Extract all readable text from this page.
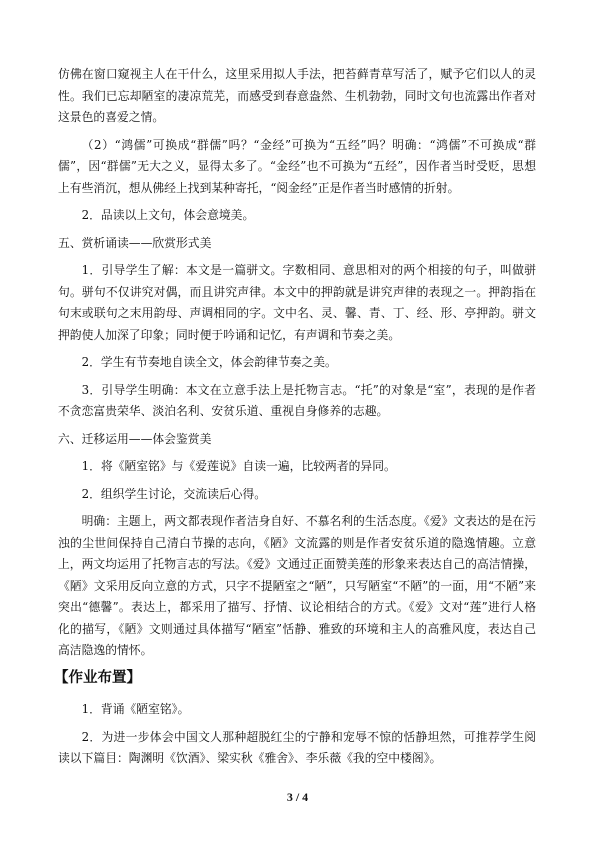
仿佛在窗口窥视主人在干什么，这里采用拟人手法，把苔藓青草写活了，赋予它们以人的灵性。我们已忘却陋室的凄凉荒芜，而感受到春意盎然、生机勃勃，同时文句也流露出作者对这景色的喜爱之情。

（2）“鸿儒”可换成“群儒”吗？“金经”可换为“五经”吗？明确：“鸿儒”不可换成“群儒”，因“群儒”无大之义，显得太多了。“金经”也不可换为“五经”，因作者当时受贬，思想上有些消沉，想从佛经上找到某种寄托，“阅金经”正是作者当时感情的折射。

2．品读以上文句，体会意境美。

五、赏析诵读——欣赏形式美

1．引导学生了解：本文是一篇骈文。字数相同、意思相对的两个相接的句子，叫做骈句。骈句不仅讲究对偶，而且讲究声律。本文中的押韵就是讲究声律的表现之一。押韵指在句末或联句之末用韵母、声调相同的字。文中名、灵、馨、青、丁、经、形、亭押韵。骈文押韵使人加深了印象；同时便于吟诵和记忆，有声调和节奏之美。

2．学生有节奏地自读全文，体会韵律节奏之美。

3．引导学生明确：本文在立意手法上是托物言志。“托”的对象是“室”，表现的是作者不贪恋富贵荣华、淡泊名利、安贫乐道、重视自身修养的志趣。

六、迁移运用——体会鉴赏美

1．将《陋室铭》与《爱莲说》自读一遍，比较两者的异同。

2．组织学生讨论，交流读后心得。

明确：主题上，两文都表现作者洁身自好、不慕名利的生活态度。《爱》文表达的是在污浊的尘世间保持自己清白节操的志向，《陋》文流露的则是作者安贫乐道的隐逸情趣。立意上，两文均运用了托物言志的写法。《爱》文通过正面赞美莲的形象来表达自己的高洁情操，《陋》文采用反向立意的方式，只字不提陋室之“陋”，只写陋室“不陋”的一面，用“不陋”来突出“德馨”。表达上，都采用了描写、抒情、议论相结合的方式。《爱》文对“莲”进行人格化的描写，《陋》文则通过具体描写“陋室”恬静、雅致的环境和主人的高雅风度，表达自己高洁隐逸的情怀。

【作业布置】

1．背诵《陋室铭》。

2．为进一步体会中国文人那种超脱红尘的宁静和宠辱不惊的恬静坦然，可推荐学生阅读以下篇目：陶渊明《饮酒》、梁实秋《雅舍》、李乐薇《我的空中楼阁》。

3 / 4
